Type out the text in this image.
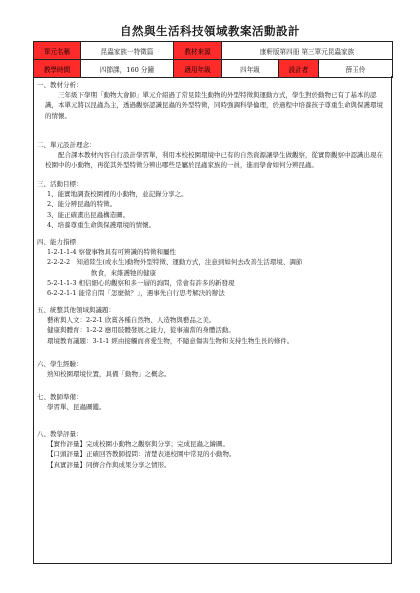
自然與生活科技領域教案活動設計
單元名稱	昆蟲家族一特徵篇	教材來源	康軒版第四冊 第三單元昆蟲家族		
教學時間	四節課，160 分鐘	適用年級	四年級	設計者	薛玉伶
一、教材分析：
三年級下學期「動物大會師」單元介紹過了常見陸生動物的外型特徵與運動方式，學生對於動物已有了基本的認識，本單元將以昆蟲為主，透過觀察認識昆蟲的外型特徵，同時強調科學倫理，於過程中培養孩子尊重生命與保護環境的情懷。
二、單元設計理念：
配合課本教材內容自行設計學習單，利用本校校園環境中已有的自然資源讓學生做觀察，從實際觀察中認識出現在校園中的小動物，再從其外型特徵分辨出哪些是屬於昆蟲家族的一員，進而學會如何分辨昆蟲。
三、活動目標：
1、能實地調查校園裡的小動物，並記錄分享之。
2、能分辨昆蟲的特徵。
3、能正確畫出昆蟲構造圖。
4、培養尊重生命與保護環境的情懷。
四、能力指標
1-2-1-1-4 察覺事物具有可辨識的特徵和屬性
2-2-2-2 知道陸生(或水生)動物外型特徵、運動方式，注意到如何去改善生活環境、調節
飲食，來維護牠的健康
5-2-1-1-3 相信細心的觀察和多一層的詢問，常會有許多的新發現
6-2-2-1-1 能常自問「怎麼做？」，遇事先自行思考解決的辦法
五、統整其他領域與議題：
藝術與人文：2-2-1 欣賞各種自然物、人造物與藝品之美。
健康與體育：1-2-2 應用肢體發展之能力，從事適當的身體活動。
環境教育議題：3-1-1 經由接觸而喜愛生物，不隨意傷害生物和支持生物生長的條件。
六、學生經驗：
熟知校園環境位置，具備「動物」之概念。
七、教師準備：
學習單、昆蟲圖鑑。
八、教學評量：
【實作評量】完成校園小動物之觀察與分享；完成昆蟲之繪圖。
【口頭評量】正確回答教師提問：清楚表達校園中常見的小動物。
【真實評量】同儕合作與成果分享之情形。
